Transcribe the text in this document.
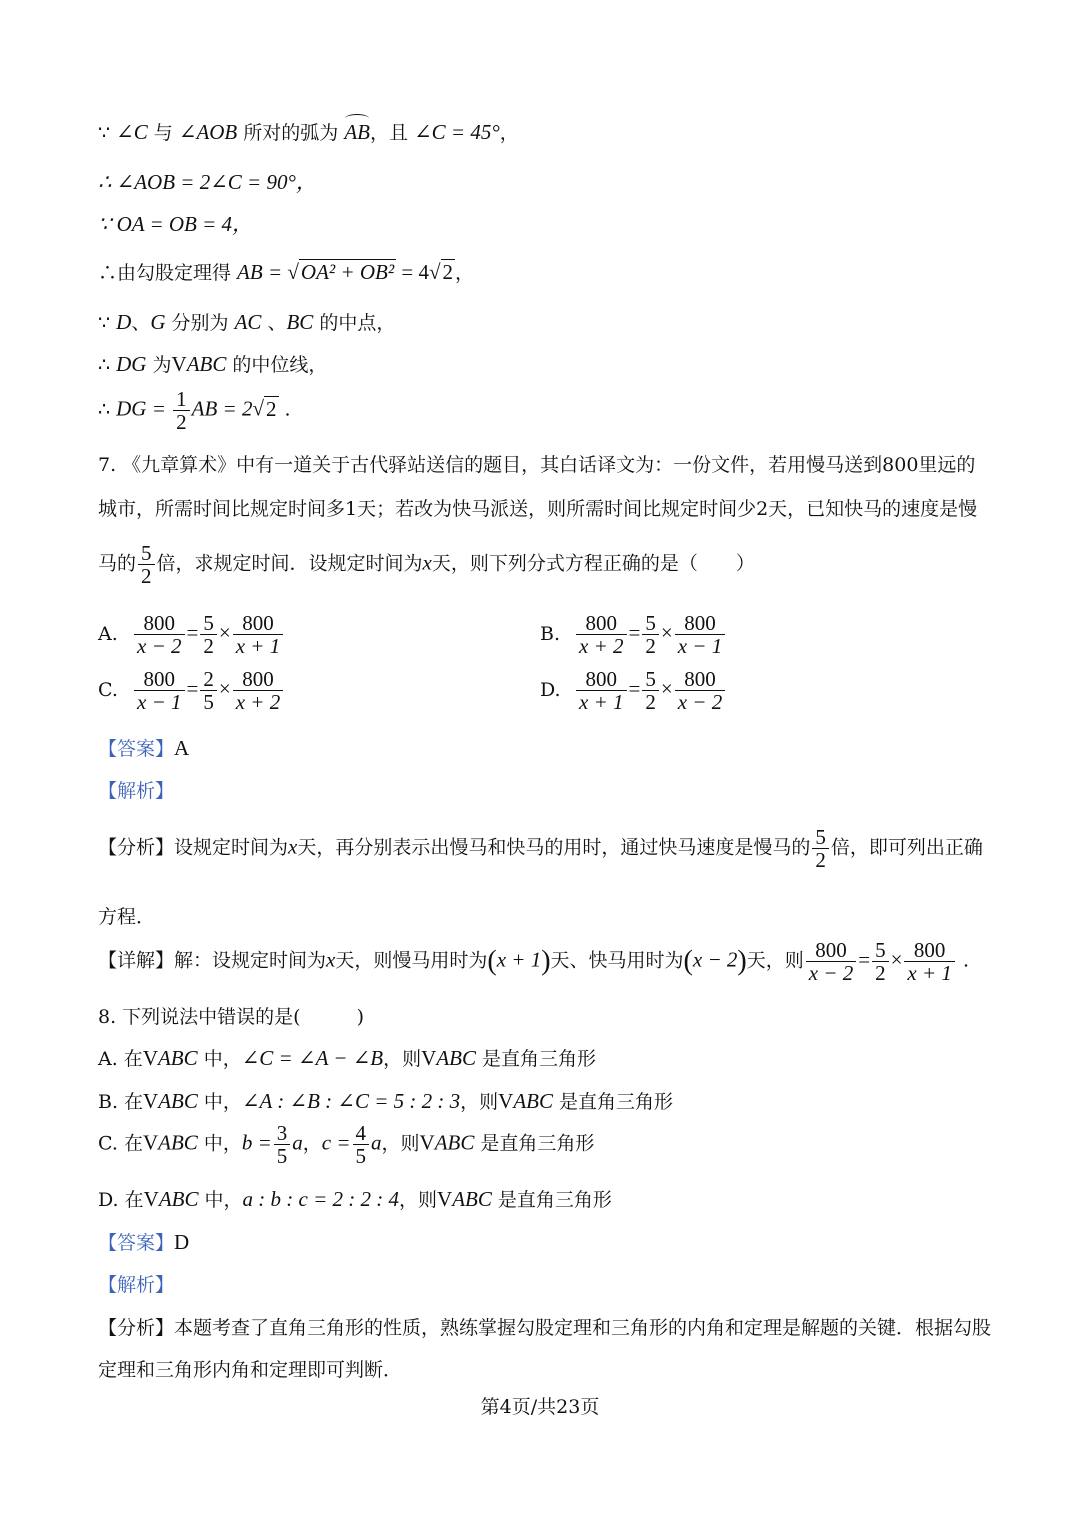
∵ ∠C 与 ∠AOB 所对的弧为 AB，且 ∠C = 45°，
∴ ∠AOB = 2∠C = 90°，
∵ OA = OB = 4，
∴由勾股定理得 AB = √OA² + OB² = 4√2 ，
∵ D、G 分别为 AC 、BC 的中点，
∴ DG 为VABC 的中位线，
∴ DG = $\frac{1}{2}$ AB = 2√2 .
7. 《九章算术》中有一道关于古代驿站送信的题目，其白话译文为：一份文件，若用慢马送到800里远的
城市，所需时间比规定时间多1天；若改为快马派送，则所需时间比规定时间少2天，已知快马的速度是慢
马的 $\frac{5}{2}$ 倍，求规定时间．设规定时间为x天，则下列分式方程正确的是（　　）
A. $\frac{800}{x - 2} = \frac{5}{2} \times \frac{800}{x + 1}$	B. $\frac{800}{x + 2} = \frac{5}{2} \times \frac{800}{x - 1}$
C. $\frac{800}{x - 1} = \frac{2}{5} \times \frac{800}{x + 2}$	D. $\frac{800}{x + 1} = \frac{5}{2} \times \frac{800}{x - 2}$
【答案】A
【解析】
【分析】设规定时间为x天，再分别表示出慢马和快马的用时，通过快马速度是慢马的 $\frac{5}{2}$ 倍，即可列出正确
方程．
【详解】解：设规定时间为x天，则慢马用时为(x + 1)天、快马用时为(x − 2)天，则 $\frac{800}{x - 2} = \frac{5}{2} \times \frac{800}{x + 1}$ .
8. 下列说法中错误的是(	)
A. 在VABC 中，∠C = ∠A − ∠B，则VABC 是直角三角形
B. 在VABC 中，∠A : ∠B : ∠C = 5 : 2 : 3，则VABC 是直角三角形
C. 在VABC 中，$b = \frac{3}{5}$ a，$c = \frac{4}{5}$ a，则VABC 是直角三角形
D. 在VABC 中，a : b : c = 2 : 2 : 4，则VABC 是直角三角形
【答案】D
【解析】
【分析】本题考查了直角三角形的性质，熟练掌握勾股定理和三角形的内角和定理是解题的关键．根据勾股
定理和三角形内角和定理即可判断．
第4页/共23页
